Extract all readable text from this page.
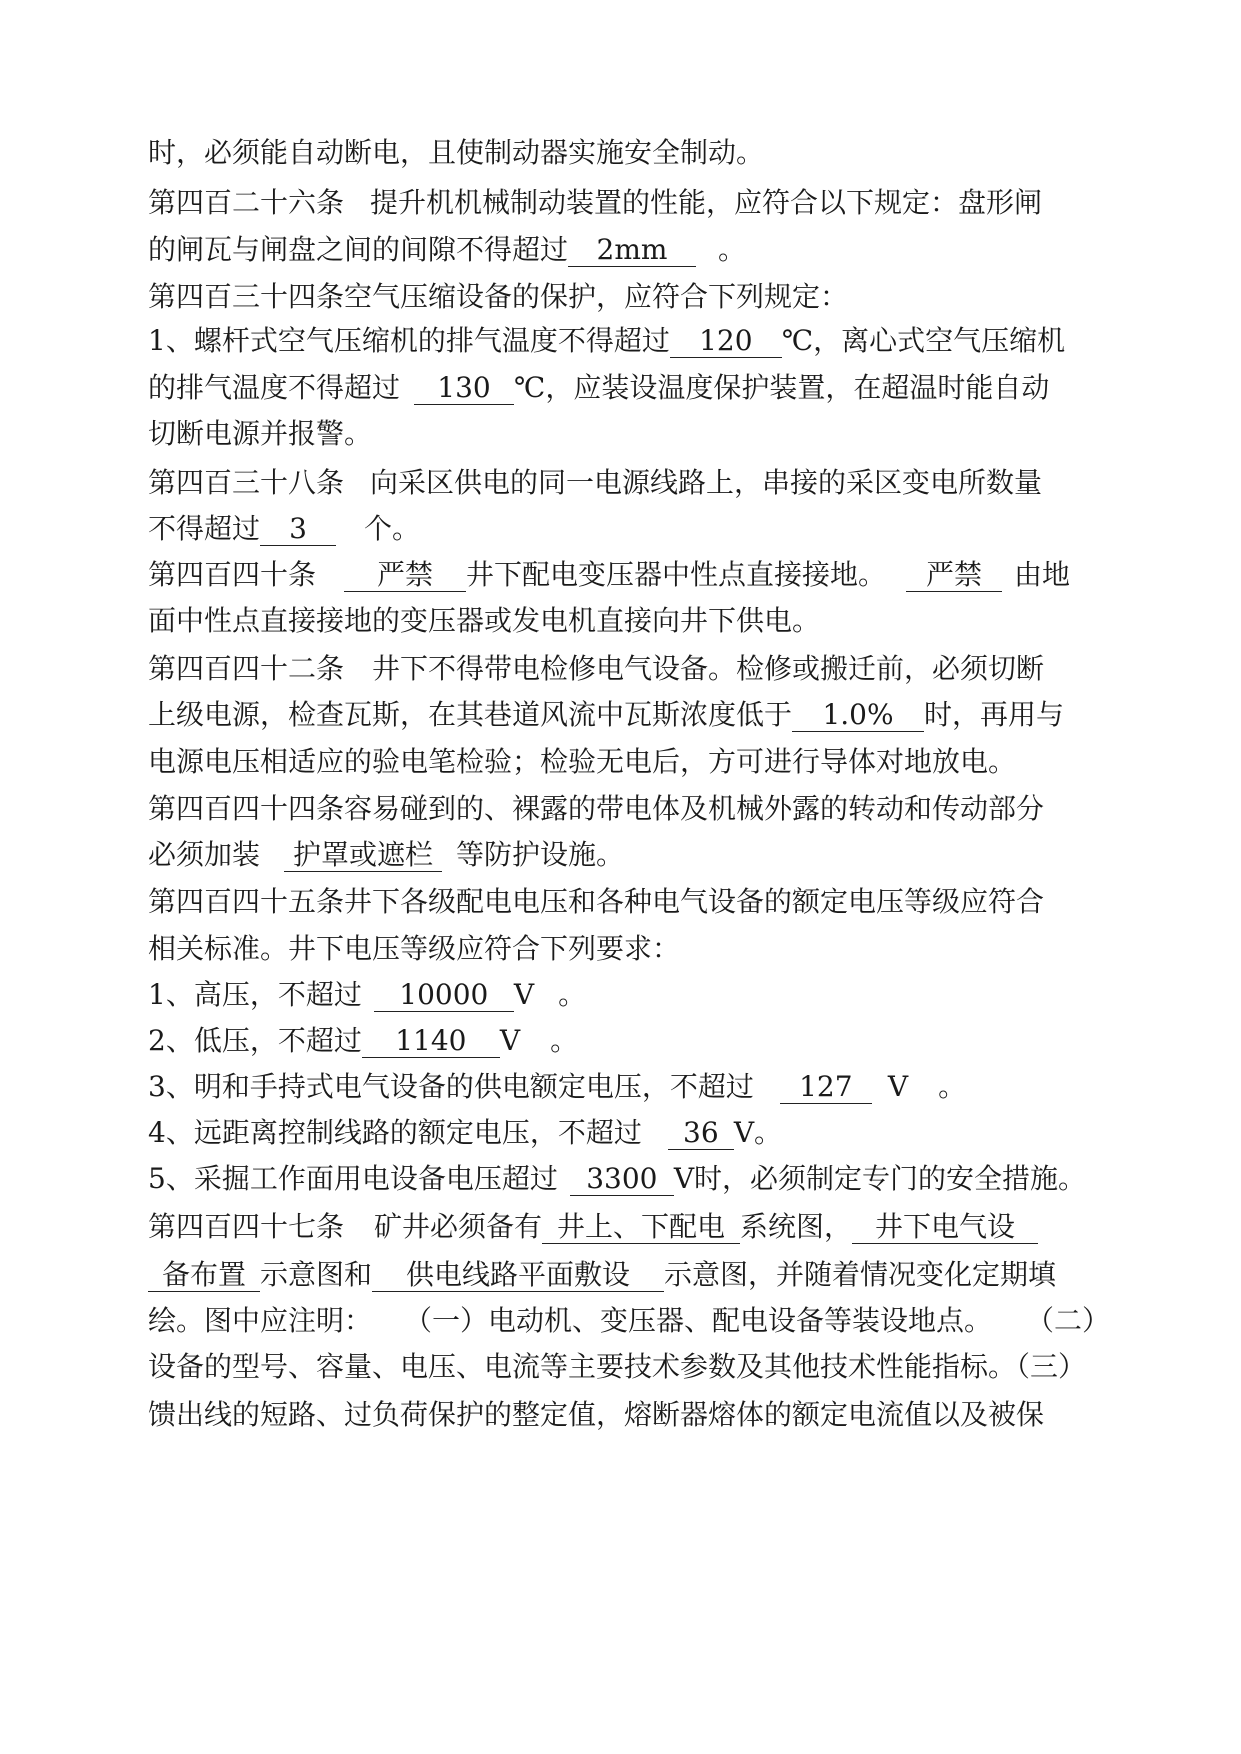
时，必须能自动断电，且使制动器实施安全制动。
第四百二十六条 提升机机械制动装置的性能，应符合以下规定：盘形闸
的闸瓦与闸盘之间的间隙不得超过 2mm 。
第四百三十四条空气压缩设备的保护，应符合下列规定：
1、螺杆式空气压缩机的排气温度不得超过 120 ℃，离心式空气压缩机
的排气温度不得超过 130 ℃，应装设温度保护装置，在超温时能自动
切断电源并报警。
第四百三十八条 向采区供电的同一电源线路上，串接的采区变电所数量
不得超过 3 个。
第四百四十条 严禁 井下配电变压器中性点直接接地。 严禁 由地
面中性点直接接地的变压器或发电机直接向井下供电。
第四百四十二条 井下不得带电检修电气设备。检修或搬迁前，必须切断
上级电源，检查瓦斯，在其巷道风流中瓦斯浓度低于 1.0% 时，再用与
电源电压相适应的验电笔检验；检验无电后，方可进行导体对地放电。
第四百四十四条容易碰到的、裸露的带电体及机械外露的转动和传动部分
必须加装 护罩或遮栏 等防护设施。
第四百四十五条井下各级配电电压和各种电气设备的额定电压等级应符合
相关标准。井下电压等级应符合下列要求：
1、高压，不超过 10000 V 。
2、低压，不超过 1140 V 。
3、明和手持式电气设备的供电额定电压，不超过 127 V 。
4、远距离控制线路的额定电压，不超过 36 V。
5、采掘工作面用电设备电压超过 3300 V时，必须制定专门的安全措施。
第四百四十七条 矿井必须备有 井上、下配电 系统图， 井下电气设
备布置 示意图和 供电线路平面敷设 示意图，并随着情况变化定期填
绘。图中应注明： （一）电动机、变压器、配电设备等装设地点。 （二）
设备的型号、容量、电压、电流等主要技术参数及其他技术性能指标。（三）
馈出线的短路、过负荷保护的整定值，熔断器熔体的额定电流值以及被保
